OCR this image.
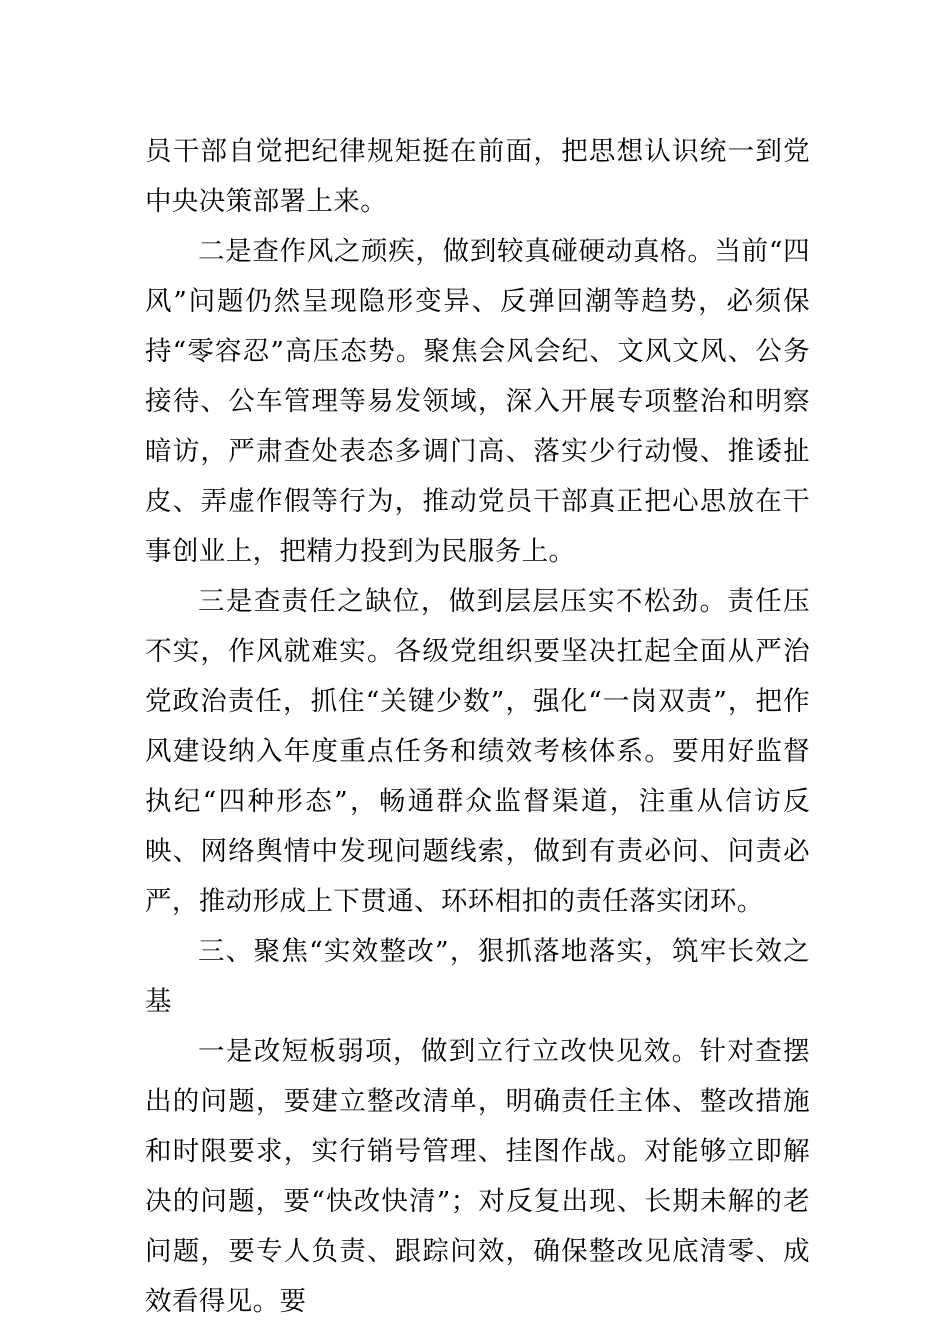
员干部自觉把纪律规矩挺在前面，把思想认识统一到党中央决策部署上来。

二是查作风之顽疾，做到较真碰硬动真格。当前“四风”问题仍然呈现隐形变异、反弹回潮等趋势，必须保持“零容忍”高压态势。聚焦会风会纪、文风文风、公务接待、公车管理等易发领域，深入开展专项整治和明察暗访，严肃查处表态多调门高、落实少行动慢、推诿扯皮、弄虚作假等行为，推动党员干部真正把心思放在干事创业上，把精力投到为民服务上。

三是查责任之缺位，做到层层压实不松劲。责任压不实，作风就难实。各级党组织要坚决扛起全面从严治党政治责任，抓住“关键少数”，强化“一岗双责”，把作风建设纳入年度重点任务和绩效考核体系。要用好监督执纪“四种形态”，畅通群众监督渠道，注重从信访反映、网络舆情中发现问题线索，做到有责必问、问责必严，推动形成上下贯通、环环相扣的责任落实闭环。

三、聚焦“实效整改”，狠抓落地落实，筑牢长效之基

一是改短板弱项，做到立行立改快见效。针对查摆出的问题，要建立整改清单，明确责任主体、整改措施和时限要求，实行销号管理、挂图作战。对能够立即解决的问题，要“快改快清”；对反复出现、长期未解的老问题，要专人负责、跟踪问效，确保整改见底清零、成效看得见。要
